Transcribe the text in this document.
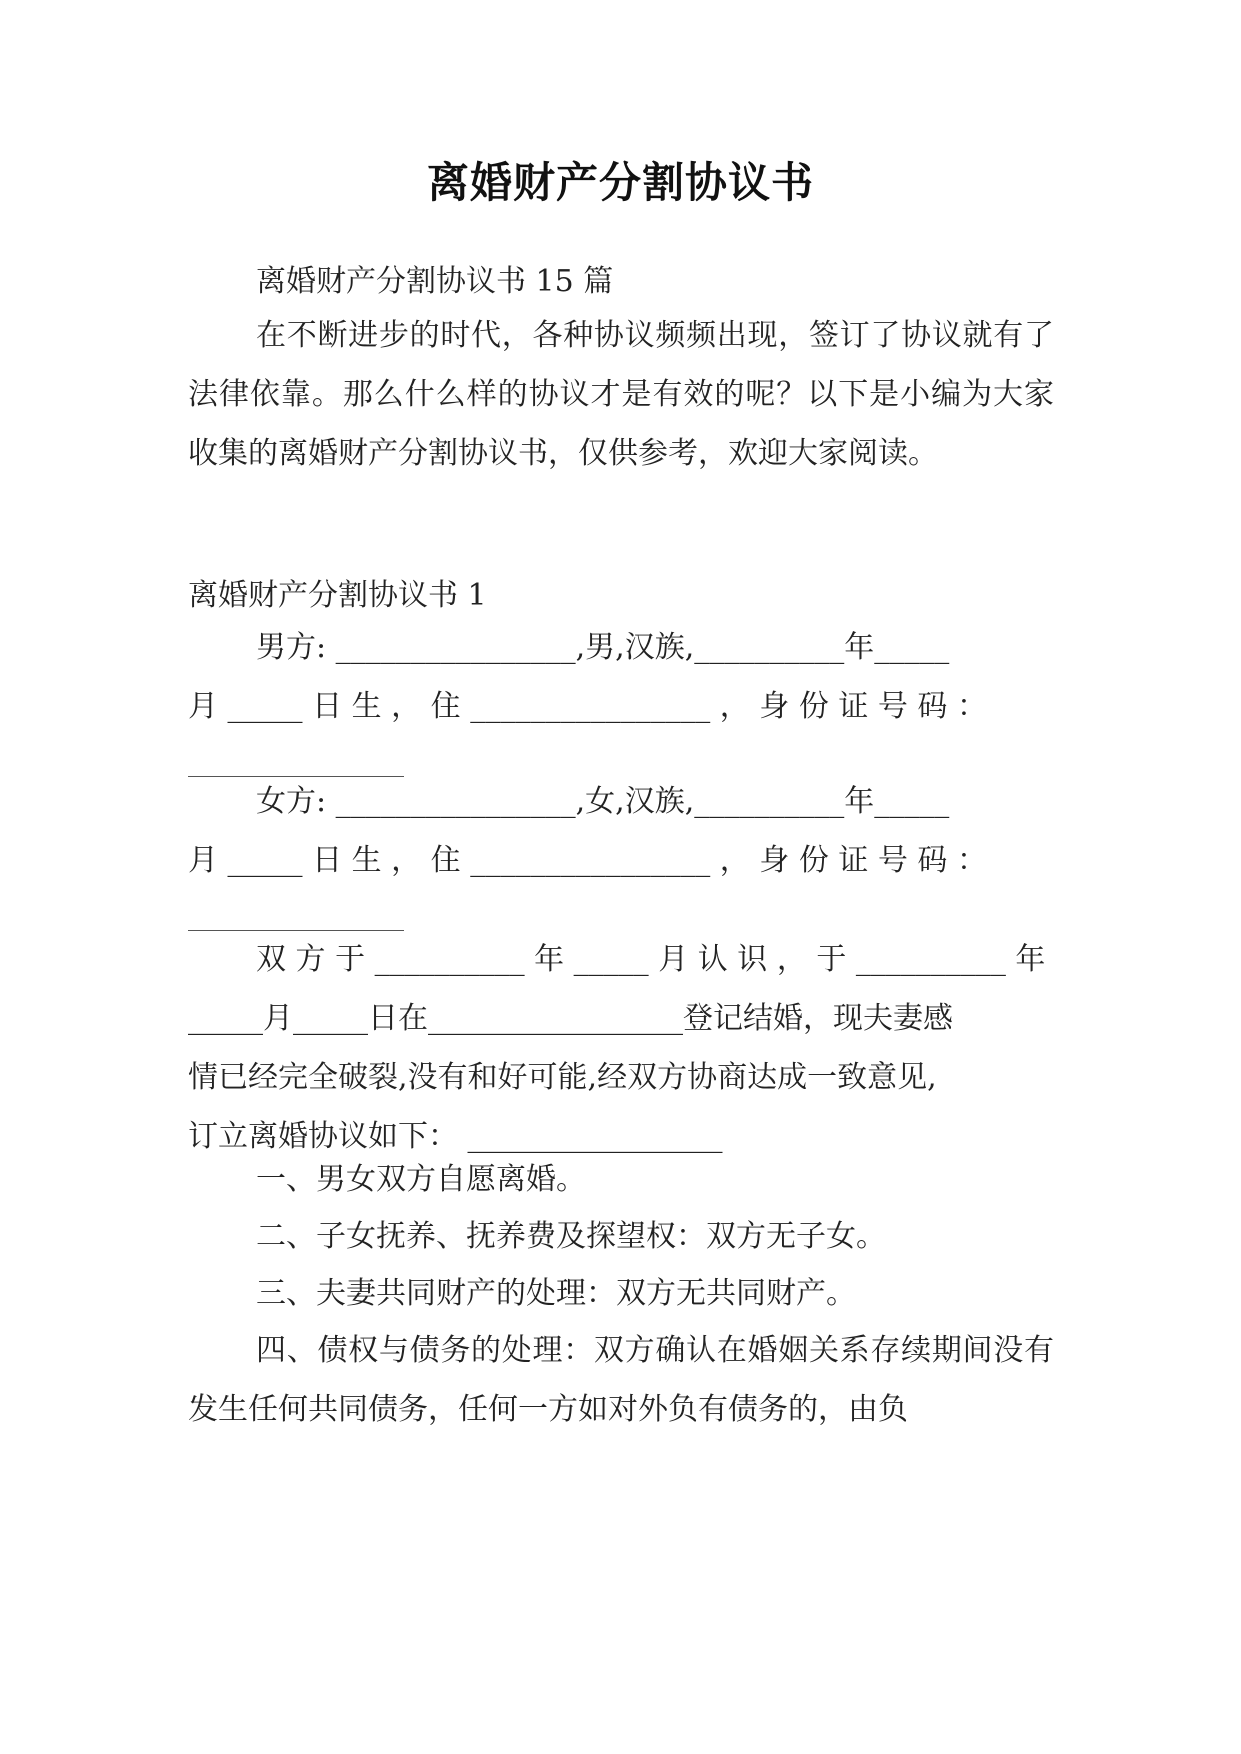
离婚财产分割协议书
离婚财产分割协议书 15 篇
在不断进步的时代，各种协议频频出现，签订了协议就有了法律依靠。那么什么样的协议才是有效的呢？以下是小编为大家收集的离婚财产分割协议书，仅供参考，欢迎大家阅读。
离婚财产分割协议书 1
男方: ________________,男,汉族,__________年_____
月 _____ 日 生 ， 住 ________________ ， 身 份 证 号 码 ：
女方: ________________,女,汉族,__________年_____
月 _____ 日 生 ， 住 ________________ ， 身 份 证 号 码 ：
双 方 于 __________ 年 _____ 月 认 识 ， 于 __________ 年
_____月_____日在_________________登记结婚，现夫妻感
情已经完全破裂,没有和好可能,经双方协商达成一致意见,
订立离婚协议如下： _________________
一、男女双方自愿离婚。
二、子女抚养、抚养费及探望权：双方无子女。
三、夫妻共同财产的处理：双方无共同财产。
四、债权与债务的处理：双方确认在婚姻关系存续期间没有发生任何共同债务，任何一方如对外负有债务的，由负
